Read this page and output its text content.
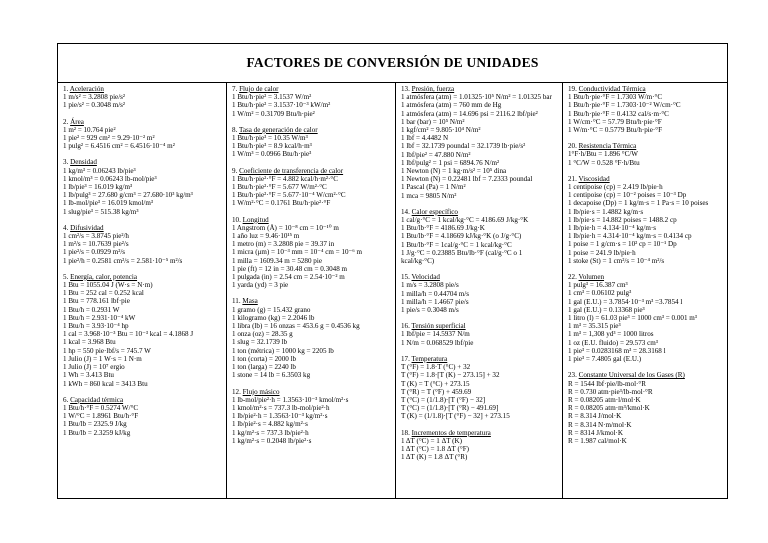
FACTORES DE CONVERSIÓN DE UNIDADES
1. Aceleración
1 m/s² = 3.2808 pie/s²
1 pie/s² = 0.3048 m/s²
2. Área
1 m² = 10.764 pie²
1 pie² = 929 cm² = 9.29·10⁻² m²
1 pulg² = 6.4516 cm² = 6.4516·10⁻⁴ m²
3. Densidad
1 kg/m³ = 0.06243 lb/pie³
1 kmol/m³ = 0.06243 lb-mol/pie³
1 lb/pie³ = 16.019 kg/m³
1 lb/pulg³ = 27.680 g/cm³ = 27.680·10³ kg/m³
1 lb-mol/pie³ = 16.019 kmol/m³
1 slug/pie³ = 515.38 kg/m³
4. Difusividad
1 cm²/s = 3.8745 pie²/h
1 m²/s = 10.7639 pie²/s
1 pie²/s = 0.0929 m²/s
1 pie²/h = 0.2581 cm²/s = 2.581·10⁻⁵ m²/s
5. Energía, calor, potencia
1 Btu = 1055.04 J (W·s = N·m)
1 Btu = 252 cal = 0.252 kcal
1 Btu = 778.161 lbf·pie
1 Btu/h = 0.2931 W
1 Btu/h = 2.931·10⁻⁴ kW
1 Btu/h = 3.93·10⁻⁴ hp
1 cal = 3.968·10⁻³ Btu = 10⁻³ kcal = 4.1868 J
1 kcal = 3.968 Btu
1 hp = 550 pie·lbf/s = 745.7 W
1 Julio (J) = 1 W·s = 1 N·m
1 Julio (J) = 10⁷ ergio
1 Wh = 3.413 Btu
1 kWh = 860 kcal = 3413 Btu
6. Capacidad térmica
1 Btu/h·°F = 0.5274 W/°C
1 W/°C = 1.8961 Btu/h·°F
1 Btu/lb = 2325.9 J/kg
1 Btu/lb = 2.3259 kJ/kg
7. Flujo de calor
1 Btu/h·pie² = 3.1537 W/m²
1 Btu/h·pie² = 3.1537·10⁻³ kW/m²
1 W/m² = 0.31709 Btu/h·pie²
8. Tasa de generación de calor
1 Btu/h·pie³ = 10.35 W/m³
1 Btu/h·pie³ = 8.9 kcal/h·m³
1 W/m³ = 0.0966 Btu/h·pie³
9. Coeficiente de transferencia de calor
1 Btu/h·pie²·°F = 4.882 kcal/h·m²·°C
1 Btu/h·pie²·°F = 5.677 W/m²·°C
1 Btu/h·pie²·°F = 5.677·10⁻⁴ W/cm²·°C
1 W/m²·°C = 0.1761 Btu/h·pie²·°F
10. Longitud
1 Angstrom (Å) = 10⁻⁸ cm = 10⁻¹⁰ m
1 año luz = 9.46·10¹⁵ m
1 metro (m) = 3.2808 pie = 39.37 in
1 micra (μm) = 10⁻³ mm = 10⁻⁴ cm = 10⁻⁶ m
1 milla = 1609.34 m = 5280 pie
1 pie (ft) = 12 in = 30.48 cm = 0.3048 m
1 pulgada (in) = 2.54 cm = 2.54·10⁻² m
1 yarda (yd) = 3 pie
11. Masa
1 gramo (g) = 15.432 grano
1 kilogramo (kg) = 2.2046 lb
1 libra (lb) = 16 onzas = 453.6 g = 0.4536 kg
1 onza (oz) = 28.35 g
1 slug = 32.1739 lb
1 ton (métrica) = 1000 kg = 2205 lb
1 ton (corta) = 2000 lb
1 ton (larga) = 2240 lb
1 stone = 14 lb = 6.3503 kg
12. Flujo másico
1 lb-mol/pie²·h = 1.3563·10⁻³ kmol/m²·s
1 kmol/m²·s = 737.3 lb-mol/pie²·h
1 lb/pie²·h = 1.3563·10⁻³ kg/m²·s
1 lb/pie²·s = 4.882 kg/m²·s
1 kg/m²·s = 737.3 lb/pie²·h
1 kg/m²·s = 0.2048 lb/pie²·s
13. Presión, fuerza
1 atmósfera (atm) = 1.01325·10⁵ N/m² = 1.01325 bar
1 atmósfera (atm) = 760 mm de Hg
1 atmósfera (atm) = 14.696 psi = 2116.2 lbf/pie²
1 bar (bar) = 10⁵ N/m²
1 kgf/cm² = 9.805·10⁴ N/m²
1 lbf = 4.4482 N
1 lbf = 32.1739 poundal = 32.1739 lb·pie/s²
1 lbf/pie² = 47.880 N/m²
1 lbf/pulg² = 1 psi = 6894.76 N/m²
1 Newton (N) = 1 kg·m/s² = 10⁵ dina
1 Newton (N) = 0.22481 lbf = 7.2333 poundal
1 Pascal (Pa) = 1 N/m²
1 mca = 9805 N/m²
14. Calor específico
1 cal/g·°C = 1 kcal/kg·°C = 4186.69 J/kg·°K
1 Btu/lb·°F = 4186.69 J/kg·K
1 Btu/lb·°F = 4.18669 kJ/kg·°K (o J/g·°C)
1 Btu/lb·°F = 1cal/g·°C = 1 kcal/kg·°C
1 J/g·°C = 0.23885 Btu/lb·°F (cal/g·°C o 1
kcal/kg·°C)
15. Velocidad
1 m/s = 3.2808 pie/s
1 milla/h = 0.44704 m/s
1 milla/h = 1.4667 pie/s
1 pie/s = 0.3048 m/s
16. Tensión superficial
1 lbf/pie = 14.5937 N/m
1 N/m = 0.068529 lbf/pie
17. Temperatura
T (°F) = 1.8·T (°C) + 32
T (°F) = 1.8·[T (K) − 273.15] + 32
T (K) = T (°C) + 273.15
T (°R) = T (°F) + 459.69
T (°C) = (1/1.8)·[T (°F) − 32]
T (°C) = (1/1.8)·[T (°R) − 491.69]
T (K) = (1/1.8)·[T (°F) − 32] + 273.15
18. Incrementos de temperatura
1 ΔT (°C) = 1 ΔT (K)
1 ΔT (°C) = 1.8 ΔT (°F)
1 ΔT (K) = 1.8 ΔT (°R)
19. Conductividad Térmica
1 Btu/h·pie·°F = 1.7303 W/m·°C
1 Btu/h·pie·°F = 1.7303·10⁻² W/cm·°C
1 Btu/h·pie·°F = 0.4132 cal/s·m·°C
1 W/cm·°C = 57.79 Btu/h·pie·°F
1 W/m·°C = 0.5779 Btu/h·pie·°F
20. Resistencia Térmica
1°F·h/Btu = 1.896 °C/W
1 °C/W = 0.528 °F·h/Btu
21. Viscosidad
1 centipoise (cp) = 2.419 lb/pie·h
1 centipoise (cp) = 10⁻² poises = 10⁻³ Dp
1 decapoise (Dp) = 1 kg/m·s = 1 Pa·s = 10 poises
1 lb/pie·s = 1.4882 kg/m·s
1 lb/pie·s = 14.882 poises = 1488.2 cp
1 lb/pie·h = 4.134·10⁻⁴ kg/m·s
1 lb/pie·h = 4.314·10⁻⁴ kg/m·s = 0.4134 cp
1 poise = 1 g/cm·s = 10² cp = 10⁻¹ Dp
1 poise = 241.9 lb/pie·h
1 stoke (St) = 1 cm²/s = 10⁻⁴ m²/s
22. Volumen
1 pulg³ = 16.387 cm³
1 cm³ = 0.06102 pulg³
1 gal (E.U.) = 3.7854·10⁻³ m³ =3.7854 l
1 gal (E.U.) = 0.13368 pie³
1 litro (l) = 61.03 pie³ = 1000 cm³ = 0.001 m³
1 m³ = 35.315 pie³
1 m³ = 1,308 yd³ = 1000 litros
1 oz (E.U. fluido) = 29.573 cm³
1 pie³ = 0.0283168 m³ = 28.3168 l
1 pie³ = 7.4805 gal (E.U.)
23. Constante Universal de los Gases (R)
R = 1544 lbf·pie/lb-mol·°R
R = 0.730 atm·pie³/lb-mol·°R
R = 0.08205 atm·l/mol·K
R = 0.08205 atm·m³/kmol·K
R = 8.314 J/mol·K
R = 8.314 N·m/mol·K
R = 8314 J/kmol·K
R = 1.987 cal/mol·K
